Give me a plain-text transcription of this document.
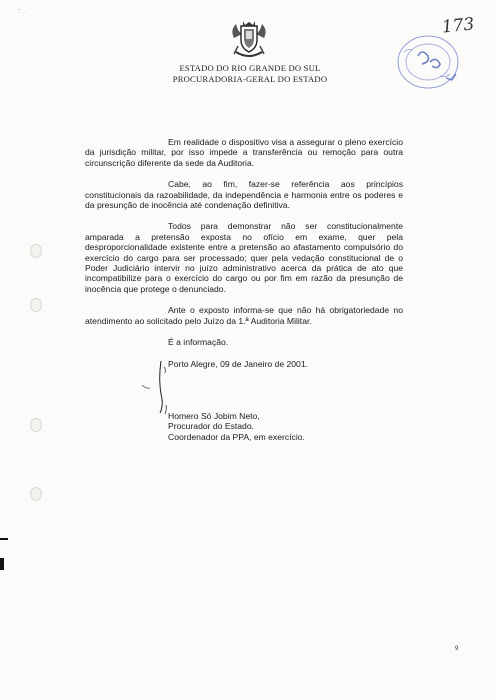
˘ ·
173
ESTADO DO RIO GRANDE DO SUL
PROCURADORIA-GERAL DO ESTADO

Em realidade o dispositivo visa a assegurar o pleno exercício da jurisdição militar, por isso impede a transferência ou remoção para outra circunscrição diferente da sede da Auditoria.

Cabe, ao fim, fazer-se referência aos princípios constitucionais da razoabilidade, da independência e harmonia entre os poderes e da presunção de inocência até condenação definitiva.

Todos para demonstrar não ser constitucionalmente amparada a pretensão exposta no ofício em exame, quer pela desproporcionalidade existente entre a pretensão ao afastamento compulsório do exercício do cargo para ser processado; quer pela vedação constitucional de o Poder Judiciário intervir no juízo administrativo acerca da prática de ato que incompatibilize para o exercício do cargo ou por fim em razão da presunção de inocência que protege o denunciado.

Ante o exposto informa-se que não há obrigatoriedade no atendimento ao solicitado pelo Juízo da 1.ª Auditoria Militar.

É a informação.

Porto Alegre, 09 de Janeiro de 2001.

Homero Só Jobim Neto,

Procurador do Estado.

Coordenador da PPA, em exercício.

9
